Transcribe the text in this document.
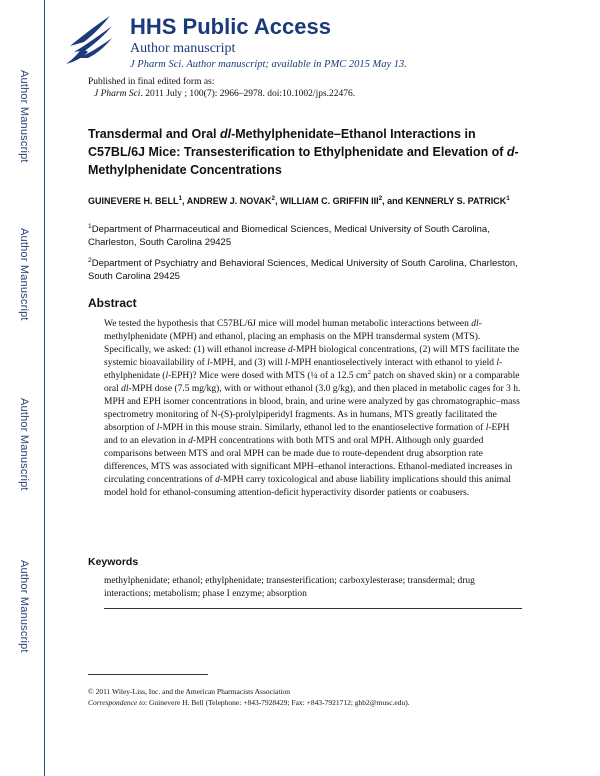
Author Manuscript
Author Manuscript
Author Manuscript
Author Manuscript
HHS Public Access
Author manuscript
J Pharm Sci. Author manuscript; available in PMC 2015 May 13.
Published in final edited form as:
J Pharm Sci. 2011 July ; 100(7): 2966–2978. doi:10.1002/jps.22476.
Transdermal and Oral dl-Methylphenidate–Ethanol Interactions in C57BL/6J Mice: Transesterification to Ethylphenidate and Elevation of d-Methylphenidate Concentrations
GUINEVERE H. BELL$^1$, ANDREW J. NOVAK$^2$, WILLIAM C. GRIFFIN III$^2$, and KENNERLY S. PATRICK$^1$
$^1$Department of Pharmaceutical and Biomedical Sciences, Medical University of South Carolina, Charleston, South Carolina 29425
$^2$Department of Psychiatry and Behavioral Sciences, Medical University of South Carolina, Charleston, South Carolina 29425
Abstract
We tested the hypothesis that C57BL/6J mice will model human metabolic interactions between dl-methylphenidate (MPH) and ethanol, placing an emphasis on the MPH transdermal system (MTS). Specifically, we asked: (1) will ethanol increase d-MPH biological concentrations, (2) will MTS facilitate the systemic bioavailability of l-MPH, and (3) will l-MPH enantioselectively interact with ethanol to yield l-ethylphenidate (l-EPH)? Mice were dosed with MTS (¼ of a 12.5 $cm^2$ patch on shaved skin) or a comparable oral dl-MPH dose (7.5 mg/kg), with or without ethanol (3.0 g/kg), and then placed in metabolic cages for 3 h. MPH and EPH isomer concentrations in blood, brain, and urine were analyzed by gas chromatographic–mass spectrometry monitoring of N-(S)-prolylpiperidyl fragments. As in humans, MTS greatly facilitated the absorption of l-MPH in this mouse strain. Similarly, ethanol led to the enantioselective formation of l-EPH and to an elevation in d-MPH concentrations with both MTS and oral MPH. Although only guarded comparisons between MTS and oral MPH can be made due to route-dependent drug absorption rate differences, MTS was associated with significant MPH–ethanol interactions. Ethanol-mediated increases in circulating concentrations of d-MPH carry toxicological and abuse liability implications should this animal model hold for ethanol-consuming attention-deficit hyperactivity disorder patients or coabusers.
Keywords
methylphenidate; ethanol; ethylphenidate; transesterification; carboxylesterase; transdermal; drug interactions; metabolism; phase I enzyme; absorption
© 2011 Wiley-Liss, Inc. and the American Pharmacists Association
Correspondence to: Guinevere H. Bell (Telephone: +843-7928429; Fax: +843-7921712; ghb2@musc.edu).
